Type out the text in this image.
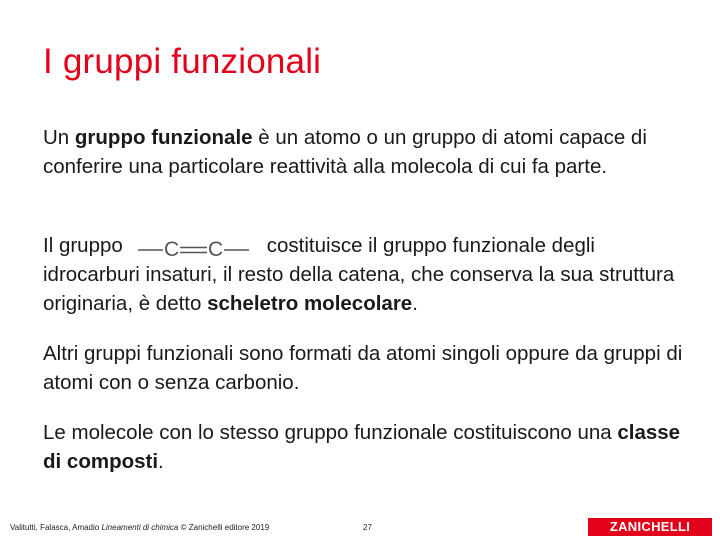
I gruppi funzionali

Un gruppo funzionale è un atomo o un gruppo di atomi capace di conferire una particolare reattività alla molecola di cui fa parte.

Il gruppo C C costituisce il gruppo funzionale degli idrocarburi insaturi, il resto della catena, che conserva la sua struttura originaria, è detto scheletro molecolare.

Altri gruppi funzionali sono formati da atomi singoli oppure da gruppi di atomi con o senza carbonio.

Le molecole con lo stesso gruppo funzionale costituiscono una classe di composti.

Valitutti, Falasca, Amadio Lineamenti di chimica © Zanichelli editore 2019	27	ZANICHELLI
